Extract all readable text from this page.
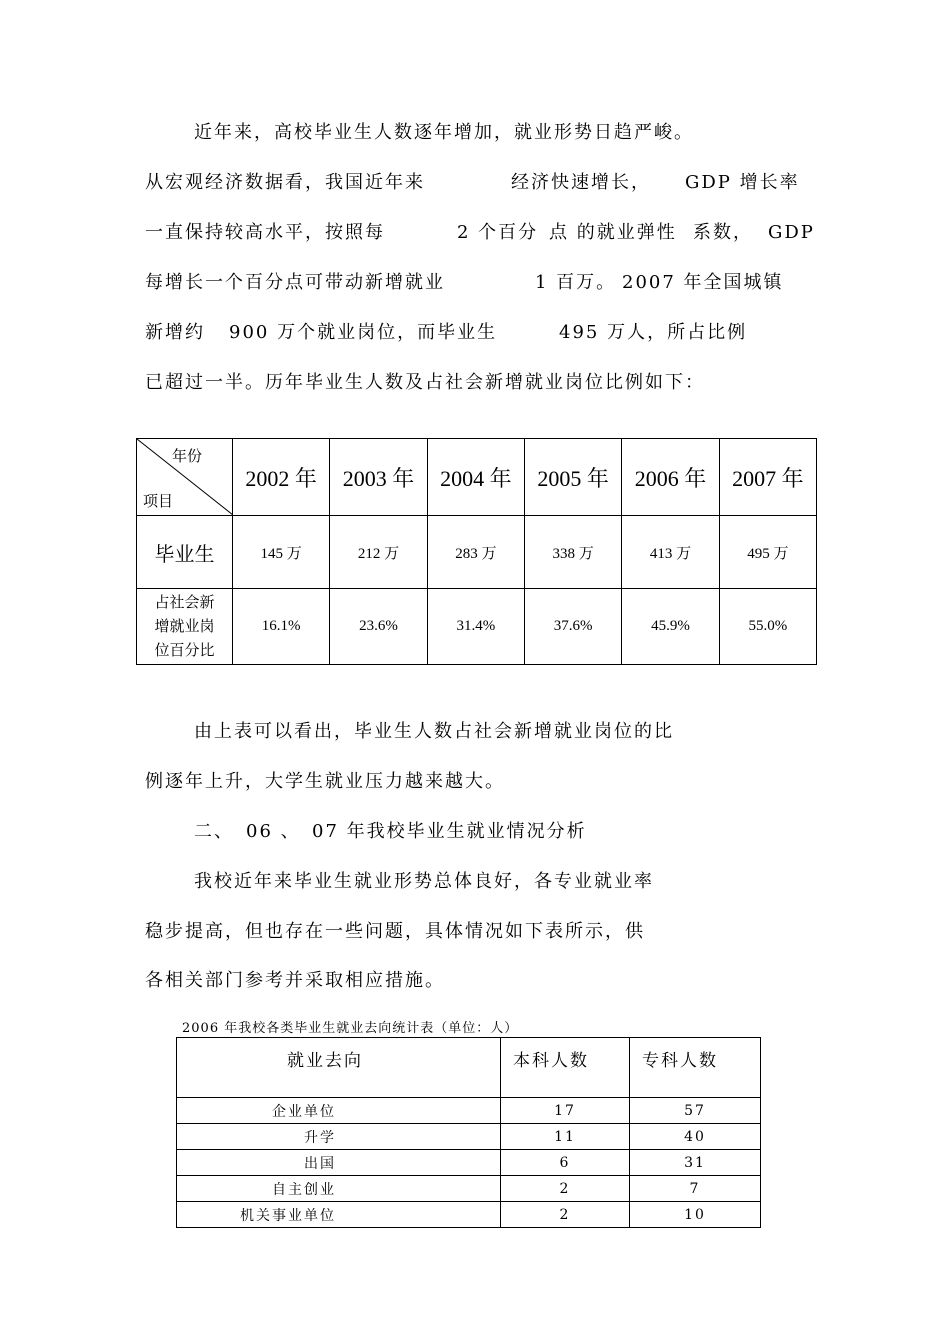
近年来，高校毕业生人数逐年增加，就业形势日趋严峻。
从宏观经济数据看，我国近年来	经济快速增长， GDP 增长率
一直保持较高水平，按照每	2 个百分 点 的就业弹性 系数， GDP
每增长一个百分点可带动新增就业	1 百万。 2007 年全国城镇
新增约 900 万个就业岗位，而毕业生	495 万人，所占比例
已超过一半。历年毕业生人数及占社会新增就业岗位比例如下：
年份
项目	2002 年	2003 年	2004 年	2005 年	2006 年	2007 年
毕业生	145 万	212 万	283 万	338 万	413 万	495 万

占社会新
增就业岗
位百分比	16.1%	23.6%	31.4%	37.6%	45.9%	55.0%
由上表可以看出，毕业生人数占社会新增就业岗位的比
例逐年上升，大学生就业压力越来越大。
二、 06 、 07 年我校毕业生就业情况分析
我校近年来毕业生就业形势总体良好，各专业就业率
稳步提高，但也存在一些问题，具体情况如下表所示，供
各相关部门参考并采取相应措施。
2006 年我校各类毕业生就业去向统计表（单位：人）
就业去向	本科人数	专科人数
企业单位	17	57
升学	11	40
出国	6	31
自主创业	2	7
机关事业单位	2	10
